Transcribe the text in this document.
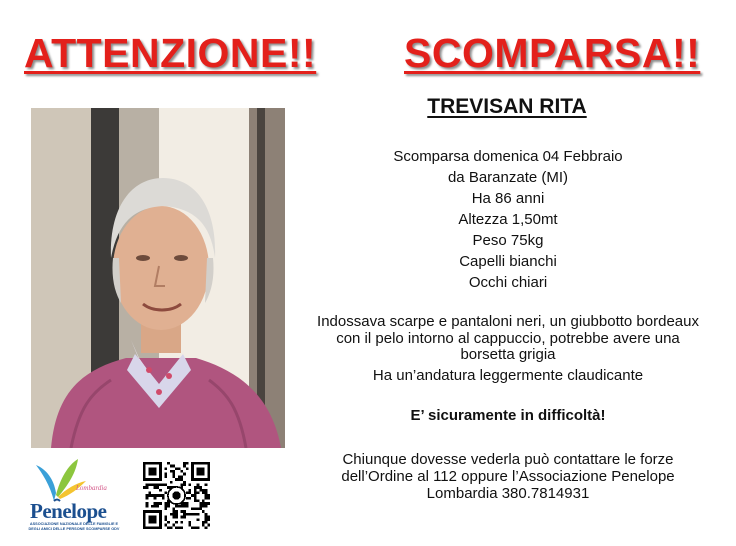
ATTENZIONE!! SCOMPARSA!!
TREVISAN RITA
Scomparsa domenica 04 Febbraio
da Baranzate (MI)
Ha 86 anni
Altezza 1,50mt
Peso 75kg
Capelli bianchi
Occhi chiari
Indossava scarpe e pantaloni neri, un giubbotto bordeaux
con il pelo intorno al cappuccio, potrebbe avere una
borsetta grigia
Ha un’andatura leggermente claudicante
E’ sicuramente in difficoltà!
Chiunque dovesse vederla può contattare le forze
dell’Ordine al 112 oppure l’Associazione Penelope
Lombardia 380.7814931
Lombardia
Penelope
ASSOCIAZIONE NAZIONALE DELLE FAMIGLIE E DEGLI AMICI DELLE PERSONE SCOMPARSE ODV
